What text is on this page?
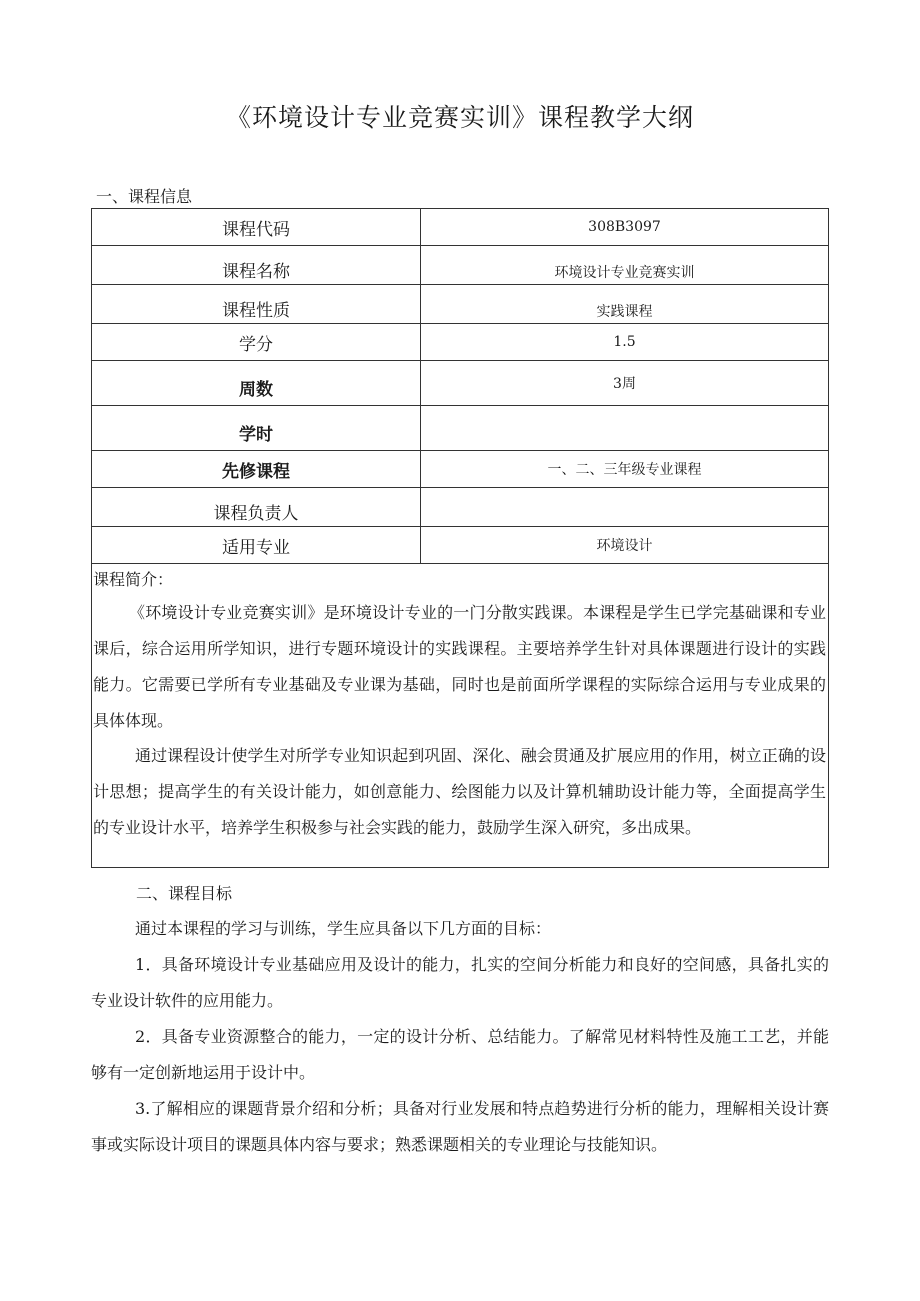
《环境设计专业竞赛实训》课程教学大纲
一、课程信息
课程代码	308B3097
课程名称	环境设计专业竞赛实训
课程性质	实践课程
学分	1.5
周数	3周
学时	
先修课程	一、二、三年级专业课程
课程负责人	
适用专业	环境设计
课程简介：
《环境设计专业竞赛实训》是环境设计专业的一门分散实践课。本课程是学生已学完基础课和专业课后，综合运用所学知识，进行专题环境设计的实践课程。主要培养学生针对具体课题进行设计的实践能力。它需要已学所有专业基础及专业课为基础，同时也是前面所学课程的实际综合运用与专业成果的具体体现。
通过课程设计使学生对所学专业知识起到巩固、深化、融会贯通及扩展应用的作用，树立正确的设计思想；提高学生的有关设计能力，如创意能力、绘图能力以及计算机辅助设计能力等，全面提高学生的专业设计水平，培养学生积极参与社会实践的能力，鼓励学生深入研究，多出成果。
二、课程目标

通过本课程的学习与训练，学生应具备以下几方面的目标：

1．具备环境设计专业基础应用及设计的能力，扎实的空间分析能力和良好的空间感，具备扎实的专业设计软件的应用能力。

2．具备专业资源整合的能力，一定的设计分析、总结能力。了解常见材料特性及施工工艺，并能够有一定创新地运用于设计中。

3.了解相应的课题背景介绍和分析；具备对行业发展和特点趋势进行分析的能力，理解相关设计赛事或实际设计项目的课题具体内容与要求；熟悉课题相关的专业理论与技能知识。
